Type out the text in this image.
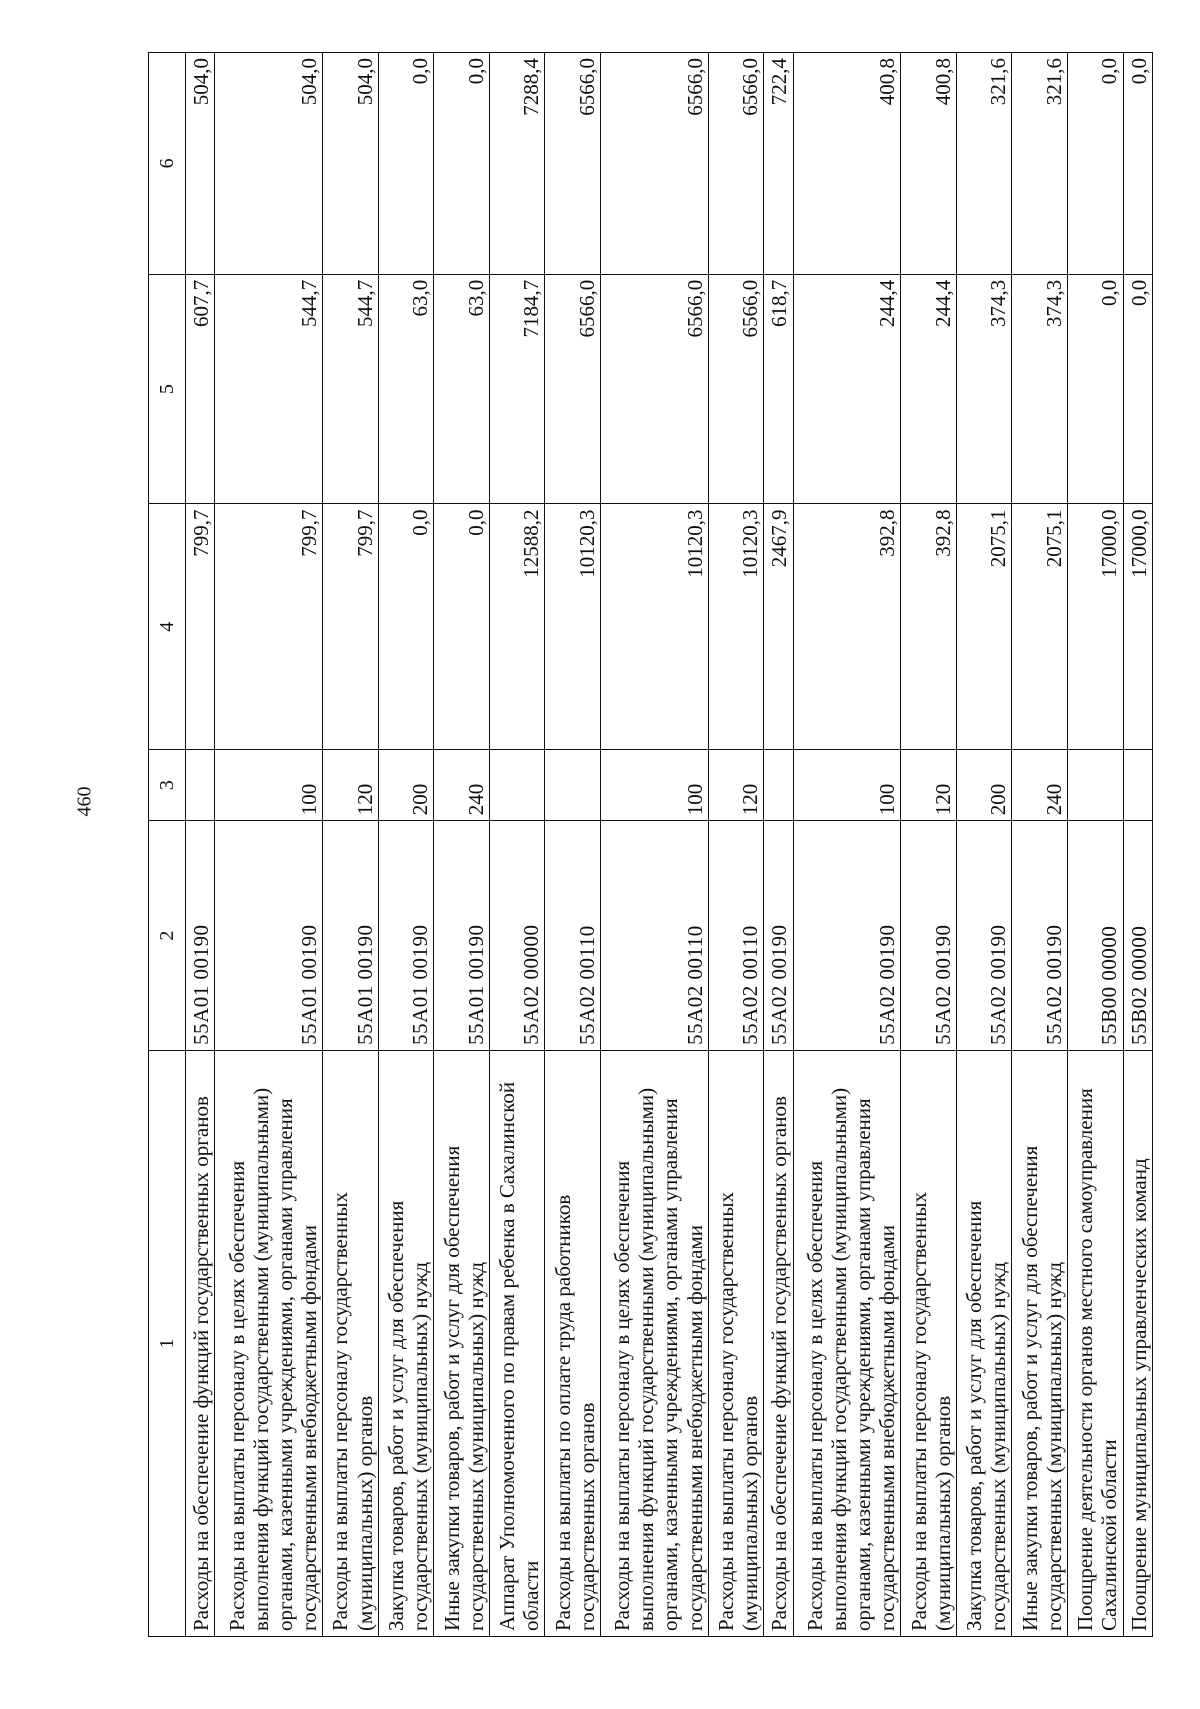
460
1	2	3	4	5	6
Расходы на обеспечение функций государственных органов	55А01 00190		799,7	607,7	504,0
Расходы на выплаты персоналу в целях обеспечения выполнения функций государственными (муниципальными) органами, казенными учреждениями, органами управления государственными внебюджетными фондами	55А01 00190	100	799,7	544,7	504,0
Расходы на выплаты персоналу государственных (муниципальных) органов	55А01 00190	120	799,7	544,7	504,0
Закупка товаров, работ и услуг для обеспечения государственных (муниципальных) нужд	55А01 00190	200	0,0	63,0	0,0
Иные закупки товаров, работ и услуг для обеспечения государственных (муниципальных) нужд	55А01 00190	240	0,0	63,0	0,0
Аппарат Уполномоченного по правам ребенка в Сахалинской области	55А02 00000		12588,2	7184,7	7288,4
Расходы на выплаты по оплате труда работников государственных органов	55А02 00110		10120,3	6566,0	6566,0
Расходы на выплаты персоналу в целях обеспечения выполнения функций государственными (муниципальными) органами, казенными учреждениями, органами управления государственными внебюджетными фондами	55А02 00110	100	10120,3	6566,0	6566,0
Расходы на выплаты персоналу государственных (муниципальных) органов	55А02 00110	120	10120,3	6566,0	6566,0
Расходы на обеспечение функций государственных органов	55А02 00190		2467,9	618,7	722,4
Расходы на выплаты персоналу в целях обеспечения выполнения функций государственными (муниципальными) органами, казенными учреждениями, органами управления государственными внебюджетными фондами	55А02 00190	100	392,8	244,4	400,8
Расходы на выплаты персоналу государственных (муниципальных) органов	55А02 00190	120	392,8	244,4	400,8
Закупка товаров, работ и услуг для обеспечения государственных (муниципальных) нужд	55А02 00190	200	2075,1	374,3	321,6
Иные закупки товаров, работ и услуг для обеспечения государственных (муниципальных) нужд	55А02 00190	240	2075,1	374,3	321,6
Поощрение деятельности органов местного самоуправления Сахалинской области	55В00 00000		17000,0	0,0	0,0
Поощрение муниципальных управленческих команд	55В02 00000		17000,0	0,0	0,0
